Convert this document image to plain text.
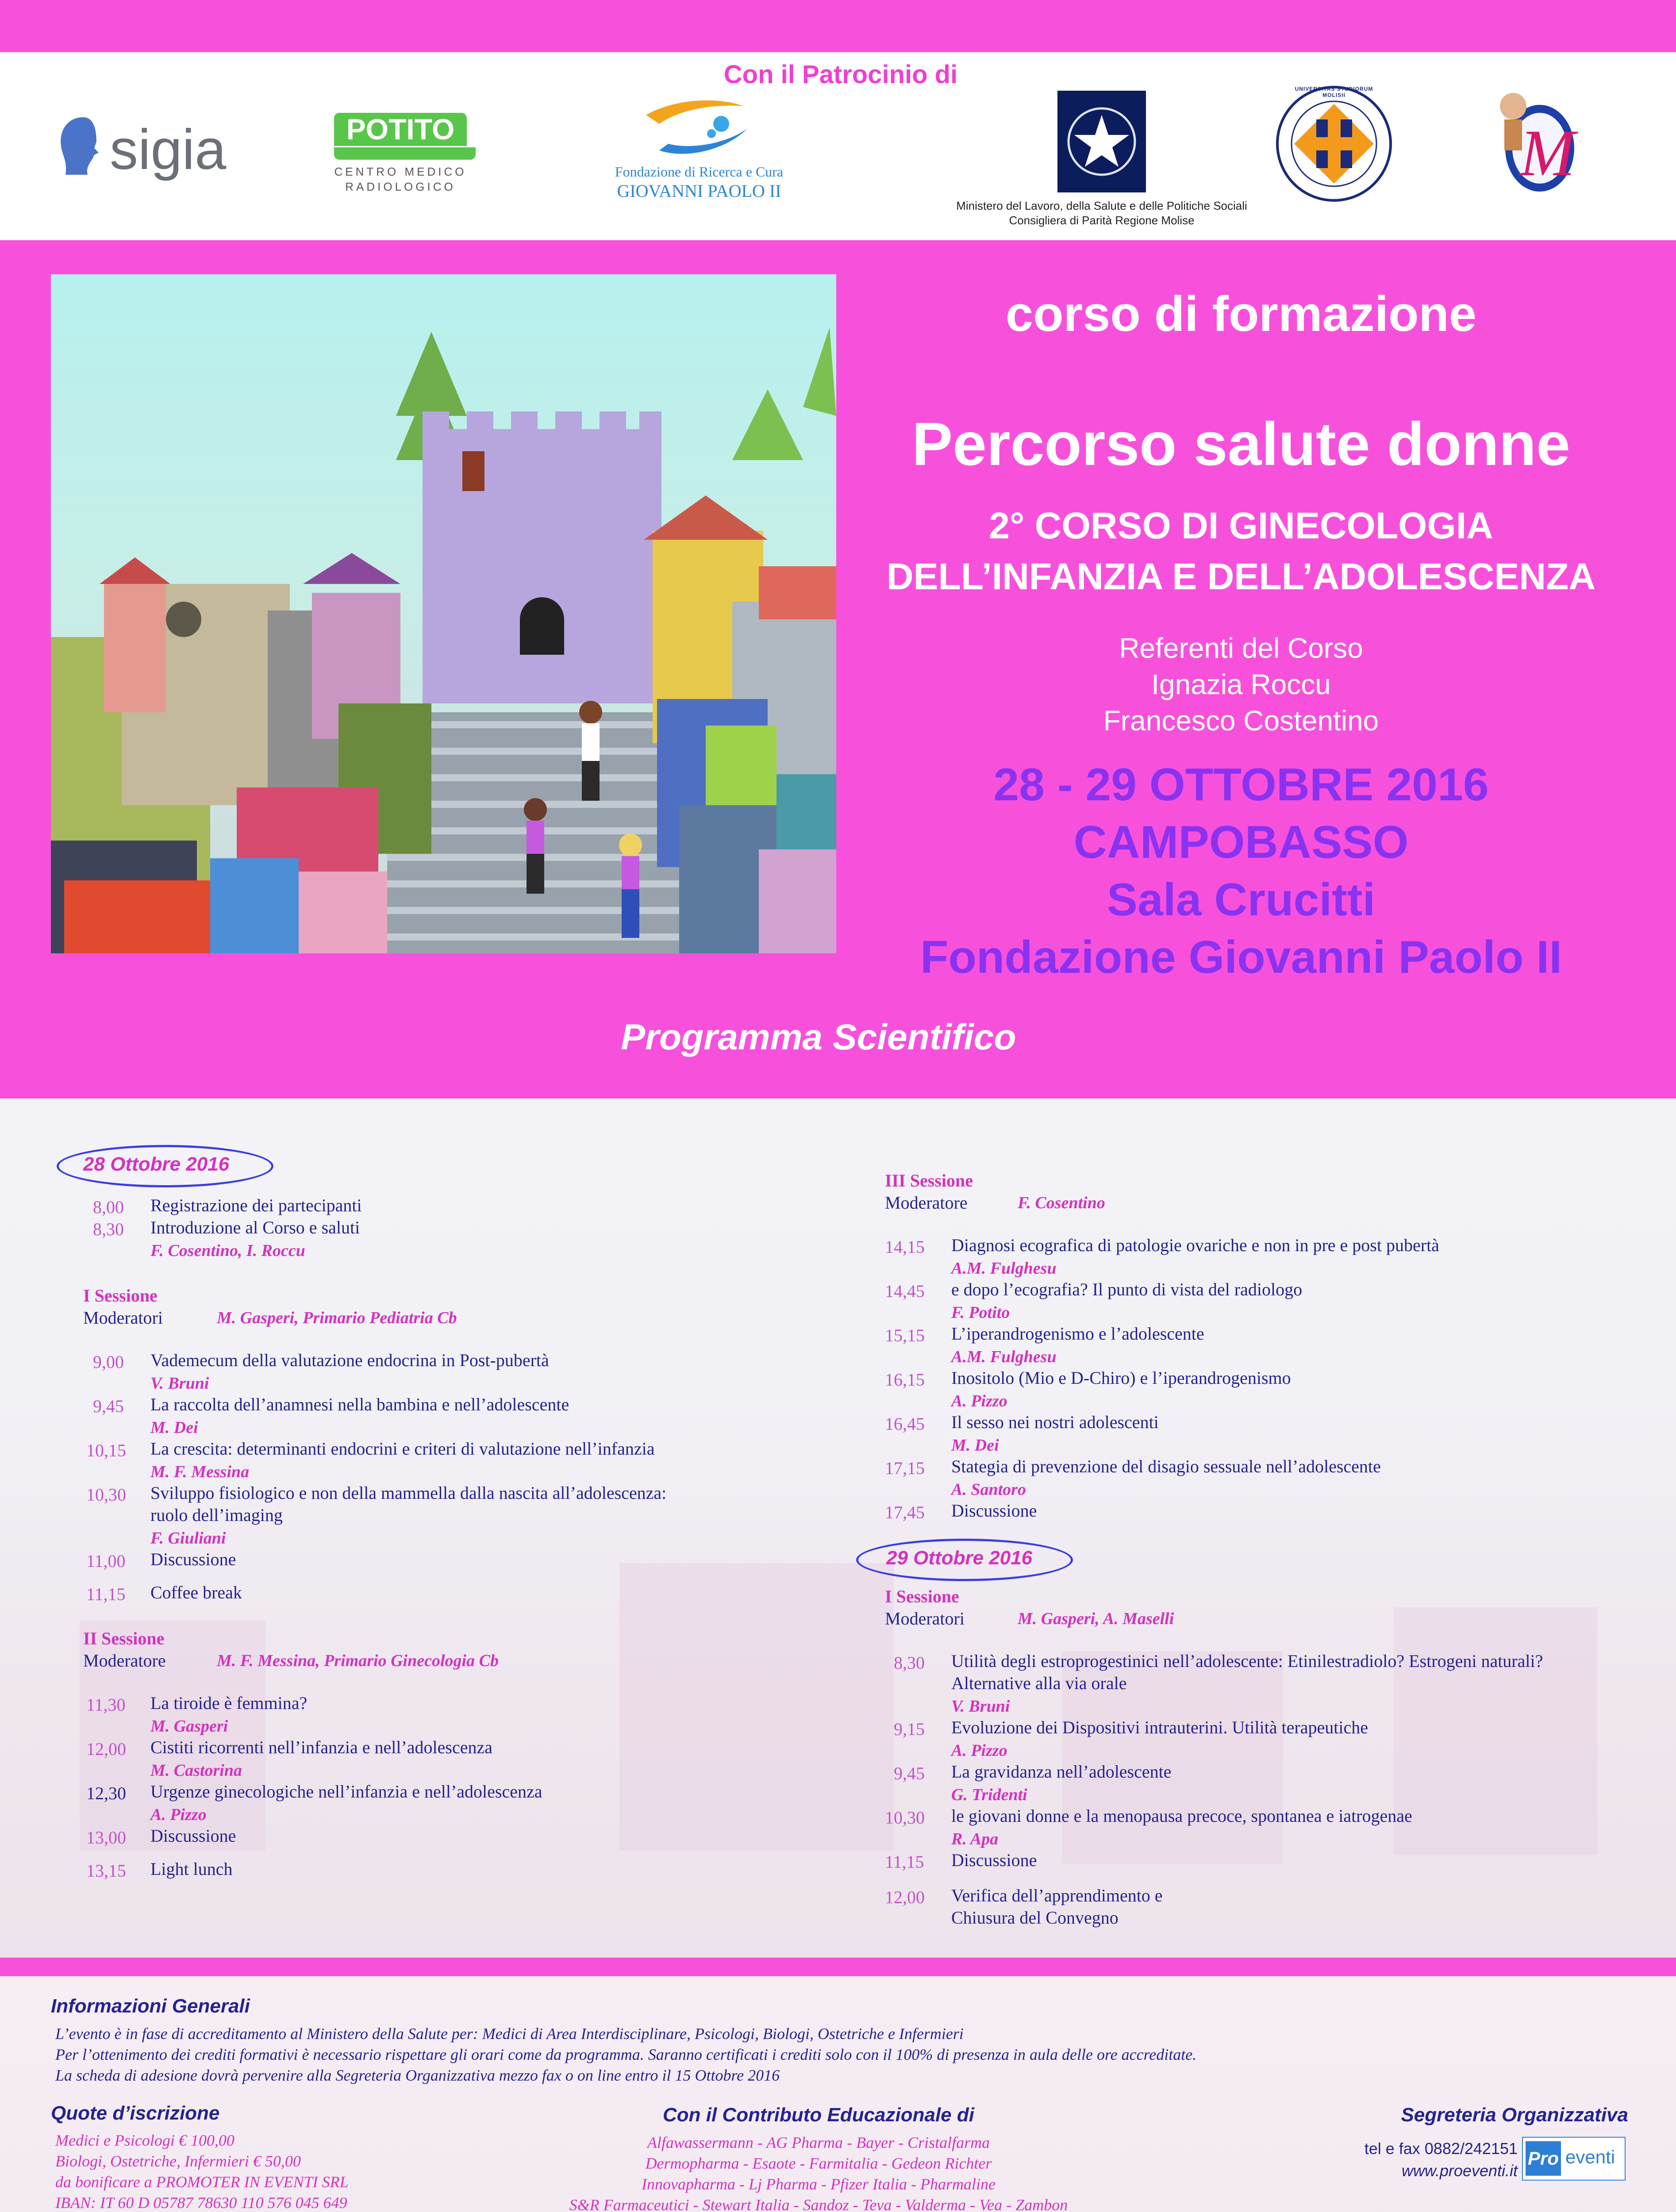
Con il Patrocinio di
sigia	POTITO
CENTRO MEDICO
RADIOLOGICO
Fondazione di Ricerca e Cura
GIOVANNI PAOLO II
Ministero del Lavoro, della Salute e delle Politiche Sociali
Consigliera di Parità Regione Molise
UNIVERSITAS STUDIORUM MOLISII
M
corso di formazione
Percorso salute donne
2° CORSO DI GINECOLOGIA
DELL’INFANZIA E DELL’ADOLESCENZA
Referenti del Corso
Ignazia Roccu
Francesco Costentino
28 - 29 OTTOBRE 2016
CAMPOBASSO
Sala Crucitti
Fondazione Giovanni Paolo II
Programma Scientifico
28 Ottobre 2016
8,00 Registrazione dei partecipanti
8,30 Introduzione al Corso e saluti
F. Cosentino, I. Roccu
I Sessione
Moderatori	M. Gasperi, Primario Pediatria Cb
9,00 Vademecum della valutazione endocrina in Post-pubertà
V. Bruni
9,45 La raccolta dell’anamnesi nella bambina e nell’adolescente
M. Dei
10,15 La crescita: determinanti endocrini e criteri di valutazione nell’infanzia
M. F. Messina
10,30 Sviluppo fisiologico e non della mammella dalla nascita all’adolescenza:
ruolo dell’imaging
F. Giuliani
11,00 Discussione
11,15 Coffee break
II Sessione
Moderatore	M. F. Messina, Primario Ginecologia Cb
11,30 La tiroide è femmina?
M. Gasperi
12,00 Cistiti ricorrenti nell’infanzia e nell’adolescenza
M. Castorina
12,30 Urgenze ginecologiche nell’infanzia e nell’adolescenza
A. Pizzo
13,00 Discussione
13,15 Light lunch
III Sessione
Moderatore	F. Cosentino
14,15 Diagnosi ecografica di patologie ovariche e non in pre e post pubertà
A.M. Fulghesu
14,45 e dopo l’ecografia? Il punto di vista del radiologo
F. Potito
15,15 L’iperandrogenismo e l’adolescente
A.M. Fulghesu
16,15 Inositolo (Mio e D-Chiro) e l’iperandrogenismo
A. Pizzo
16,45 Il sesso nei nostri adolescenti
M. Dei
17,15 Stategia di prevenzione del disagio sessuale nell’adolescente
A. Santoro
17,45 Discussione
29 Ottobre 2016
I Sessione
Moderatori	M. Gasperi, A. Maselli
8,30 Utilità degli estroprogestinici nell’adolescente: Etinilestradiolo? Estrogeni naturali?
Alternative alla via orale
V. Bruni
9,15 Evoluzione dei Dispositivi intrauterini. Utilità terapeutiche
A. Pizzo
9,45 La gravidanza nell’adolescente
G. Tridenti
10,30 le giovani donne e la menopausa precoce, spontanea e iatrogenae
R. Apa
11,15 Discussione
12,00 Verifica dell’apprendimento e
Chiusura del Convegno
Informazioni Generali
L’evento è in fase di accreditamento al Ministero della Salute per: Medici di Area Interdisciplinare, Psicologi, Biologi, Ostetriche e Infermieri
Per l’ottenimento dei crediti formativi è necessario rispettare gli orari come da programma. Saranno certificati i crediti solo con il 100% di presenza in aula delle ore accreditate.
La scheda di adesione dovrà pervenire alla Segreteria Organizzativa mezzo fax o on line entro il 15 Ottobre 2016
Quote d’iscrizione
Medici e Psicologi € 100,00
Biologi, Ostetriche, Infermieri € 50,00
da bonificare a PROMOTER IN EVENTI SRL
IBAN: IT 60 D 05787 78630 110 576 045 649
Con il Contributo Educazionale di
Alfawassermann - AG Pharma - Bayer - Cristalfarma
Dermopharma - Esaote - Farmitalia - Gedeon Richter
Innovapharma - Lj Pharma - Pfizer Italia - Pharmaline
S&R Farmaceutici - Stewart Italia - Sandoz - Teva - Valderma - Vea - Zambon
Segreteria Organizzativa
tel e fax 0882/242151
www.proeventi.it
Pro eventi
